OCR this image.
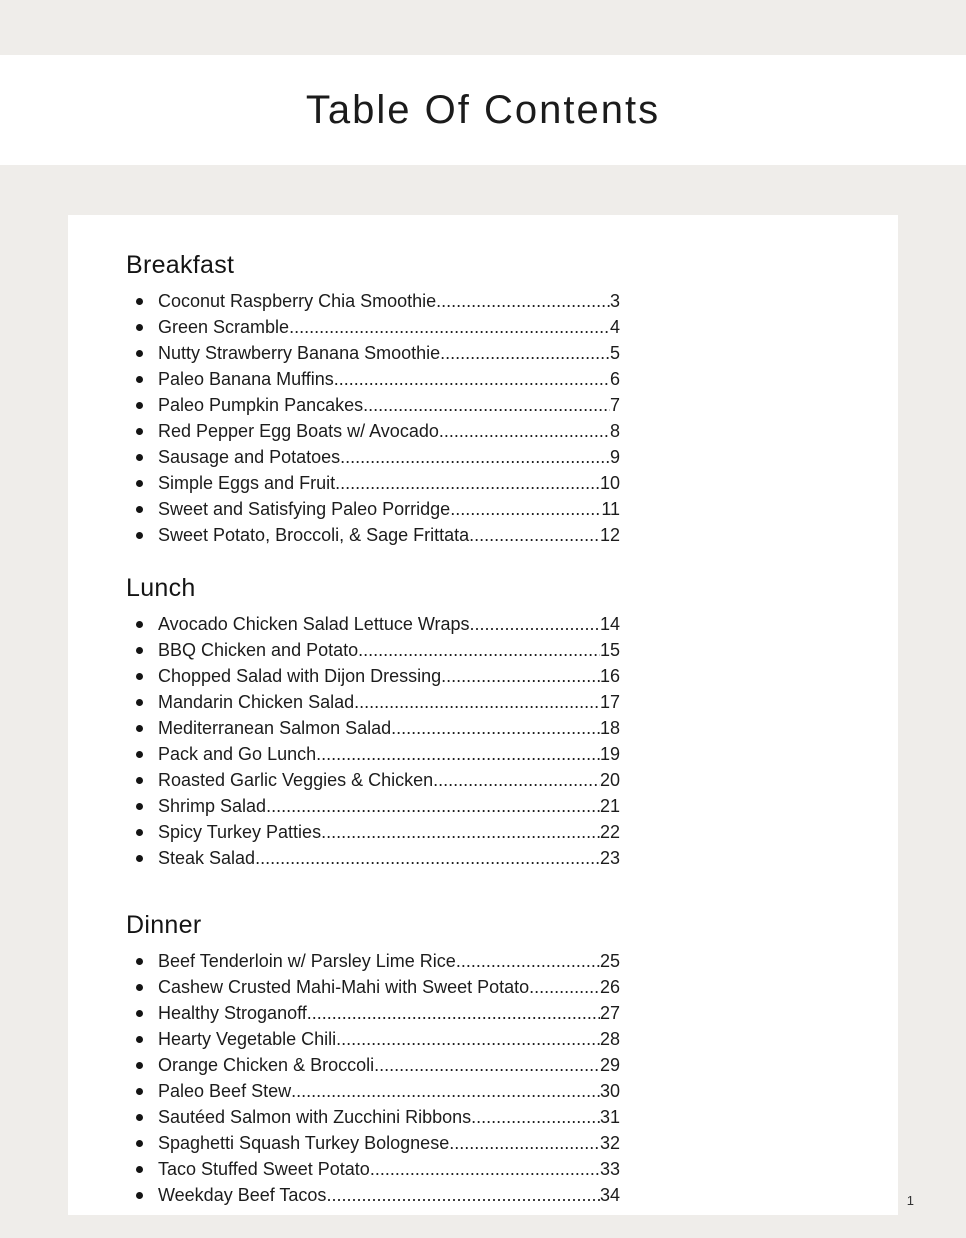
Table Of Contents
Breakfast
Coconut Raspberry Chia Smoothie .....	3
Green Scramble .....	4
Nutty Strawberry Banana Smoothie .....	5
Paleo Banana Muffins .....	6
Paleo Pumpkin Pancakes .....	7
Red Pepper Egg Boats w/ Avocado .....	8
Sausage and Potatoes .....	9
Simple Eggs and Fruit .....	10
Sweet and Satisfying Paleo Porridge .....	11
Sweet Potato, Broccoli, & Sage Frittata .....	12
Lunch
Avocado Chicken Salad Lettuce Wraps .....	14
BBQ Chicken and Potato .....	15
Chopped Salad with Dijon Dressing .....	16
Mandarin Chicken Salad .....	17
Mediterranean Salmon Salad .....	18
Pack and Go Lunch .....	19
Roasted Garlic Veggies & Chicken .....	20
Shrimp Salad .....	21
Spicy Turkey Patties .....	22
Steak Salad .....	23
Dinner
Beef Tenderloin w/ Parsley Lime Rice .....	25
Cashew Crusted Mahi-Mahi with Sweet Potato .....	26
Healthy Stroganoff .....	27
Hearty Vegetable Chili .....	28
Orange Chicken & Broccoli .....	29
Paleo Beef Stew .....	30
Sautéed Salmon with Zucchini Ribbons .....	31
Spaghetti Squash Turkey Bolognese .....	32
Taco Stuffed Sweet Potato .....	33
Weekday Beef Tacos .....	34	1
